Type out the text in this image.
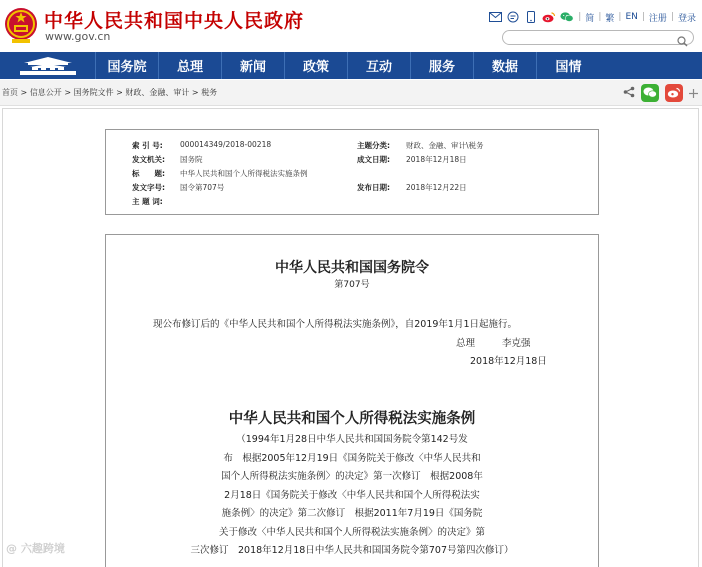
中华人民共和国中央人民政府
www.gov.cn
| 简 | 繁 | EN | 注册 | 登录
国务院	总理	新闻	政策	互动	服务	数据	国情
首页 > 信息公开 > 国务院文件 > 财政、金融、审计 > 税务
索 引 号: 000014349/2018-00218	主题分类: 财政、金融、审计\税务
发文机关: 国务院	成文日期: 2018年12月18日
标　　题: 中华人民共和国个人所得税法实施条例
发文字号: 国令第707号	发布日期: 2018年12月22日
主 题 词:
中华人民共和国国务院令
第707号
现公布修订后的《中华人民共和国个人所得税法实施条例》，自2019年1月1日起施行。
总理	李克强
2018年12月18日
中华人民共和国个人所得税法实施条例
（1994年1月28日中华人民共和国国务院令第142号发
布　根据2005年12月19日《国务院关于修改〈中华人民共和
国个人所得税法实施条例〉的决定》第一次修订　根据2008年
2月18日《国务院关于修改〈中华人民共和国个人所得税法实
施条例〉的决定》第二次修订　根据2011年7月19日《国务院
关于修改〈中华人民共和国个人所得税法实施条例〉的决定》第
三次修订　2018年12月18日中华人民共和国国务院令第707号第四次修订）
@ 六趣跨境
